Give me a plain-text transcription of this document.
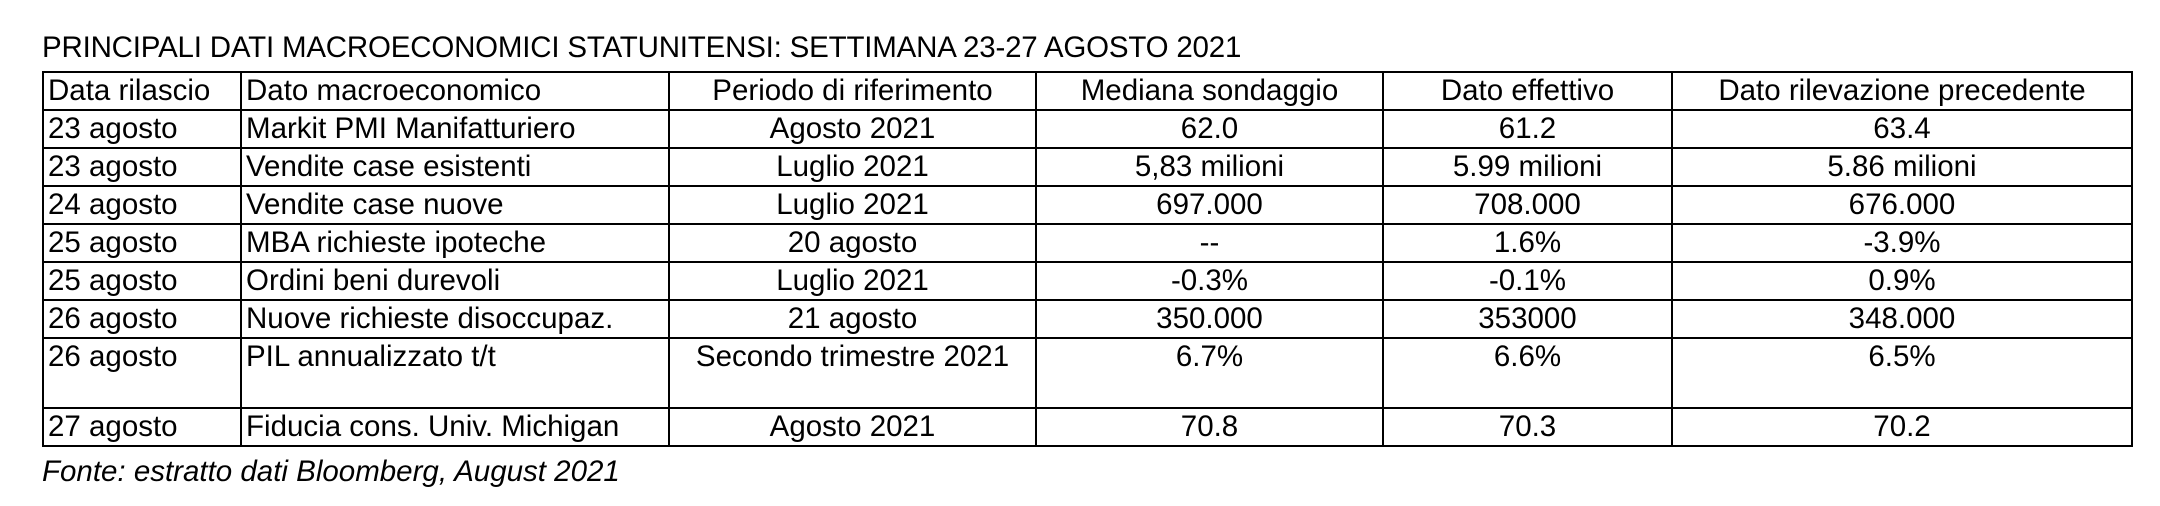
PRINCIPALI DATI MACROECONOMICI STATUNITENSI: SETTIMANA 23-27 AGOSTO 2021
Data rilascio	Dato macroeconomico	Periodo di riferimento	Mediana sondaggio	Dato effettivo	Dato rilevazione precedente
23 agosto	Markit PMI Manifatturiero	Agosto 2021	62.0	61.2	63.4
23 agosto	Vendite case esistenti	Luglio 2021	5,83 milioni	5.99 milioni	5.86 milioni
24 agosto	Vendite case nuove	Luglio 2021	697.000	708.000	676.000
25 agosto	MBA richieste ipoteche	20 agosto	--	1.6%	-3.9%
25 agosto	Ordini beni durevoli	Luglio 2021	-0.3%	-0.1%	0.9%
26 agosto	Nuove richieste disoccupaz.	21 agosto	350.000	353000	348.000
26 agosto	PIL annualizzato t/t	Secondo trimestre 2021	6.7%	6.6%	6.5%
27 agosto	Fiducia cons. Univ. Michigan	Agosto 2021	70.8	70.3	70.2
Fonte: estratto dati Bloomberg, August 2021
